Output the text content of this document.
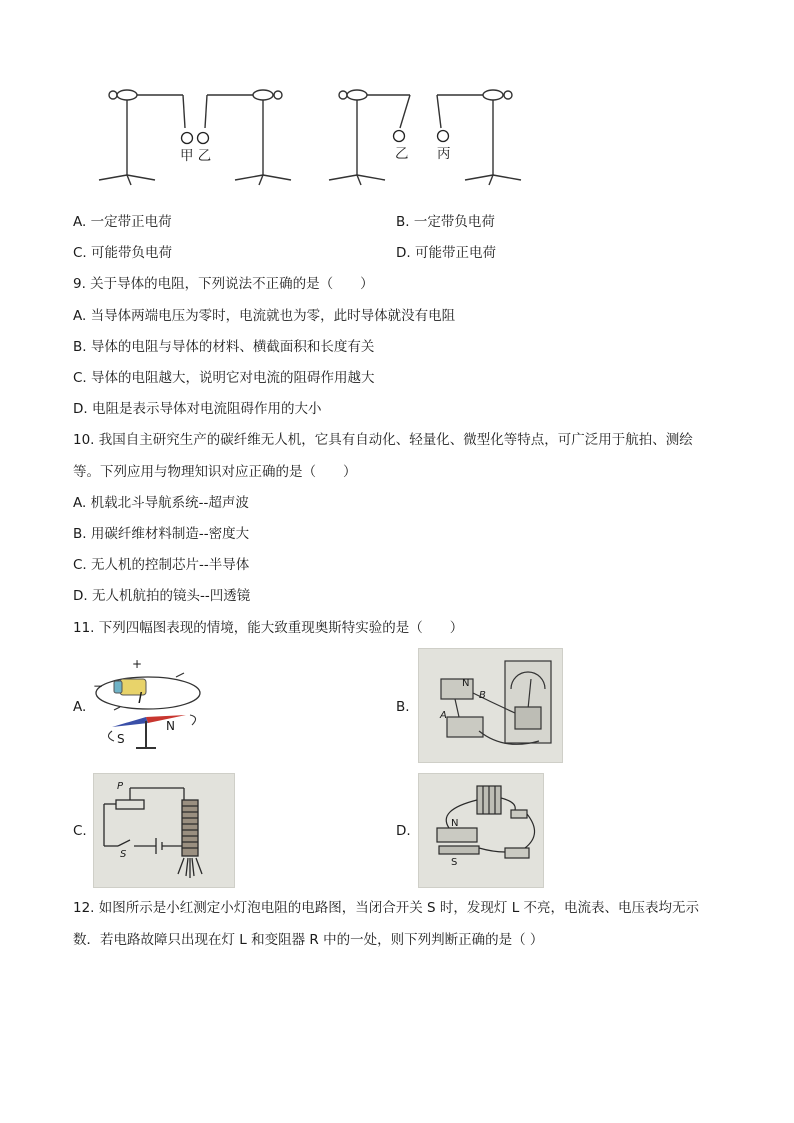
甲 乙	乙 丙
A. 一定带正电荷	B. 一定带负电荷
C. 可能带负电荷	D. 可能带正电荷
9. 关于导体的电阻，下列说法不正确的是（　　）
A. 当导体两端电压为零时，电流就也为零，此时导体就没有电阻
B. 导体的电阻与导体的材料、横截面积和长度有关
C. 导体的电阻越大，说明它对电流的阻碍作用越大
D. 电阻是表示导体对电流阻碍作用的大小
10. 我国自主研究生产的碳纤维无人机，它具有自动化、轻量化、微型化等特点，可广泛用于航拍、测绘
等。下列应用与物理知识对应正确的是（　　）
A. 机载北斗导航系统--超声波
B. 用碳纤维材料制造--密度大
C. 无人机的控制芯片--半导体
D. 无人机航拍的镜头--凹透镜
11. 下列四幅图表现的情境，能大致重现奥斯特实验的是（　　）
A.	B.
C.	D.
+
−
I
S
N
N
B
A
P
S
N
S
12. 如图所示是小红测定小灯泡电阻的电路图，当闭合开关 S 时，发现灯 L 不亮，电流表、电压表均无示
数．若电路故障只出现在灯 L 和变阻器 R 中的一处，则下列判断正确的是（ ）
